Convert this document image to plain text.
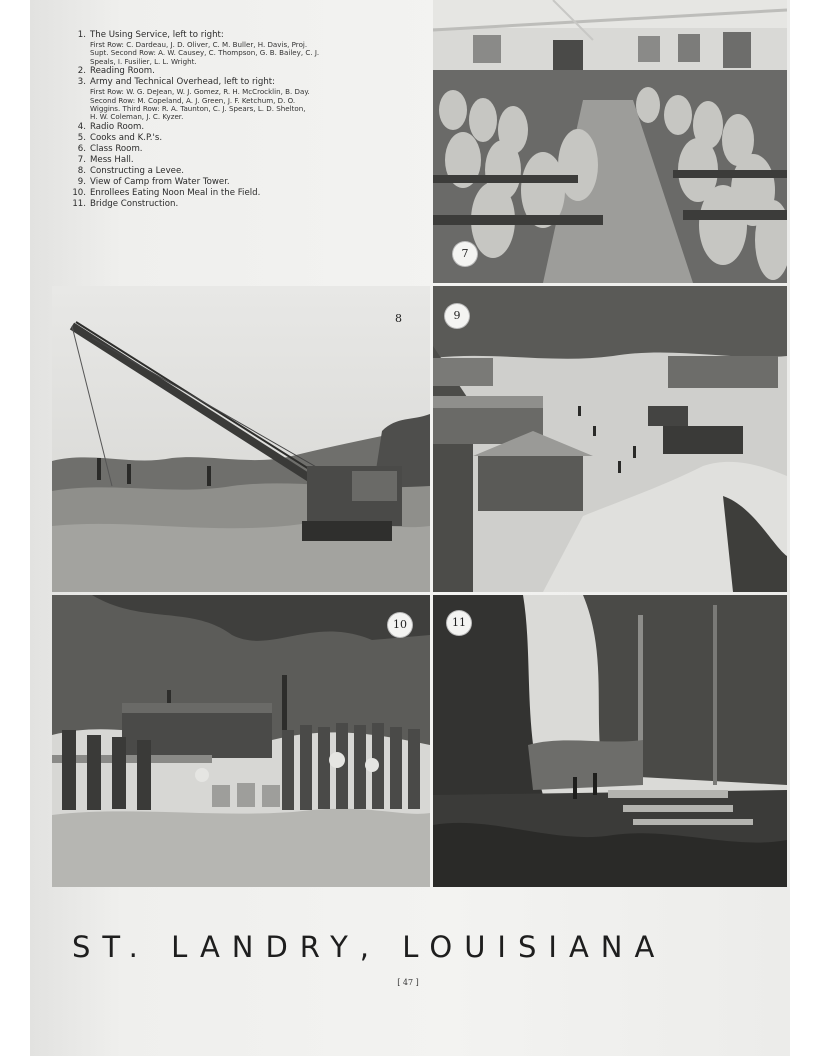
1. The Using Service, left to right:
First Row: C. Dardeau, J. D. Oliver, C. M. Buller, H. Davis, Proj.
Supt. Second Row: A. W. Causey, C. Thompson, G. B. Bailey, C. J.
Speals, I. Fusilier, L. L. Wright.
2. Reading Room.
3. Army and Technical Overhead, left to right:
First Row: W. G. DeJean, W. J. Gomez, R. H. McCrocklin, B. Day.
Second Row: M. Copeland, A. J. Green, J. F. Ketchum, D. O.
Wiggins. Third Row: R. A. Taunton, C. J. Spears, L. D. Shelton,
H. W. Coleman, J. C. Kyzer.
4. Radio Room.
5. Cooks and K.P.'s.
6. Class Room.
7. Mess Hall.
8. Constructing a Levee.
9. View of Camp from Water Tower.
10. Enrollees Eating Noon Meal in the Field.
11. Bridge Construction.
7
8	9
10	11
ST. LANDRY, LOUISIANA
[ 47 ]
